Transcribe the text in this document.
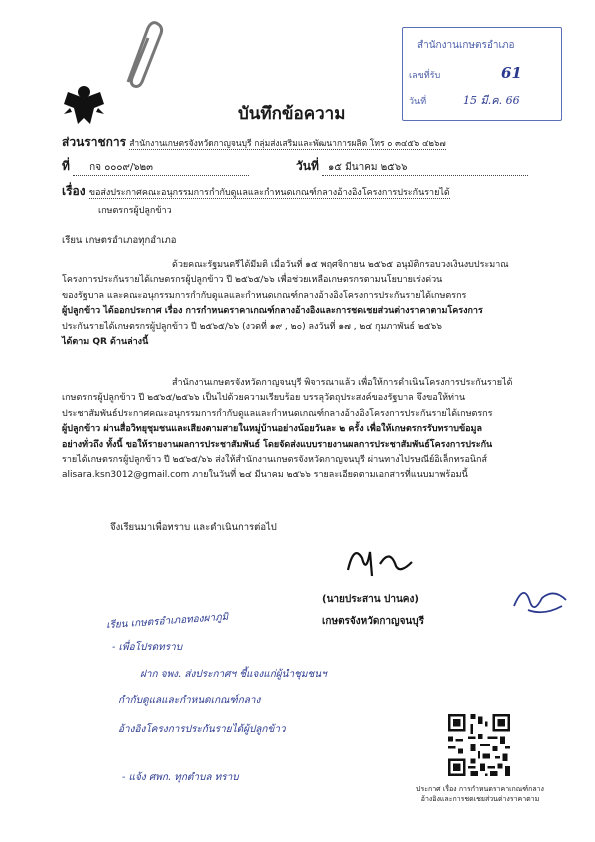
สำนักงานเกษตรอำเภอ
เลขที่รับ	61
วันที่	15 มี.ค. 66
บันทึกข้อความ
ส่วนราชการ สำนักงานเกษตรจังหวัดกาญจนบุรี กลุ่มส่งเสริมและพัฒนาการผลิต โทร ๐ ๓๔๕๖ ๔๒๖๗
ที่ กจ ๐๐๐๙/๖๒๓	วันที่ ๑๕ มีนาคม ๒๕๖๖
เรื่อง ขอส่งประกาศคณะอนุกรรมการกำกับดูแลและกำหนดเกณฑ์กลางอ้างอิงโครงการประกันรายได้
เกษตรกรผู้ปลูกข้าว
เรียน เกษตรอำเภอทุกอำเภอ
ด้วยคณะรัฐมนตรีได้มีมติ เมื่อวันที่ ๑๕ พฤศจิกายน ๒๕๖๕ อนุมัติกรอบวงเงินงบประมาณ
โครงการประกันรายได้เกษตรกรผู้ปลูกข้าว ปี ๒๕๖๕/๖๖ เพื่อช่วยเหลือเกษตรกรตามนโยบายเร่งด่วน
ของรัฐบาล และคณะอนุกรรมการกำกับดูแลและกำหนดเกณฑ์กลางอ้างอิงโครงการประกันรายได้เกษตรกร
ผู้ปลูกข้าว ได้ออกประกาศ เรื่อง การกำหนดราคาเกณฑ์กลางอ้างอิงและการชดเชยส่วนต่างราคาตามโครงการ
ประกันรายได้เกษตรกรผู้ปลูกข้าว ปี ๒๕๖๕/๖๖ (งวดที่ ๑๙ , ๒๐) ลงวันที่ ๑๗ , ๒๔ กุมภาพันธ์ ๒๕๖๖
ได้ตาม QR ด้านล่างนี้
สำนักงานเกษตรจังหวัดกาญจนบุรี พิจารณาแล้ว เพื่อให้การดำเนินโครงการประกันรายได้
เกษตรกรผู้ปลูกข้าว ปี ๒๕๖๕/๒๕๖๖ เป็นไปด้วยความเรียบร้อย บรรลุวัตถุประสงค์ของรัฐบาล จึงขอให้ท่าน
ประชาสัมพันธ์ประกาศคณะอนุกรรมการกำกับดูแลและกำหนดเกณฑ์กลางอ้างอิงโครงการประกันรายได้เกษตรกร
ผู้ปลูกข้าว ผ่านสื่อวิทยุชุมชนและเสียงตามสายในหมู่บ้านอย่างน้อยวันละ ๒ ครั้ง เพื่อให้เกษตรกรรับทราบข้อมูล
อย่างทั่วถึง ทั้งนี้ ขอให้รายงานผลการประชาสัมพันธ์ โดยจัดส่งแบบรายงานผลการประชาสัมพันธ์โครงการประกัน
รายได้เกษตรกรผู้ปลูกข้าว ปี ๒๕๖๕/๖๖ ส่งให้สำนักงานเกษตรจังหวัดกาญจนบุรี ผ่านทางไปรษณีย์อิเล็กทรอนิกส์
alisara.ksn3012@gmail.com ภายในวันที่ ๒๔ มีนาคม ๒๕๖๖ รายละเอียดตามเอกสารที่แนบมาพร้อมนี้
จึงเรียนมาเพื่อทราบ และดำเนินการต่อไป
(นายประสาน ปานคง)
เกษตรจังหวัดกาญจนบุรี
เรียน เกษตรอำเภอทองผาภูมิ
- เพื่อโปรดทราบ
ฝาก จพง. ส่งประกาศฯ ชี้แจงแก่ผู้นำชุมชนฯ
กำกับดูแลและกำหนดเกณฑ์กลาง
อ้างอิงโครงการประกันรายได้ผู้ปลูกข้าว
- แจ้ง ศพก. ทุกตำบล ทราบ
ประกาศ เรื่อง การกำหนดราคาเกณฑ์กลาง
อ้างอิงและการชดเชยส่วนต่างราคาตาม
